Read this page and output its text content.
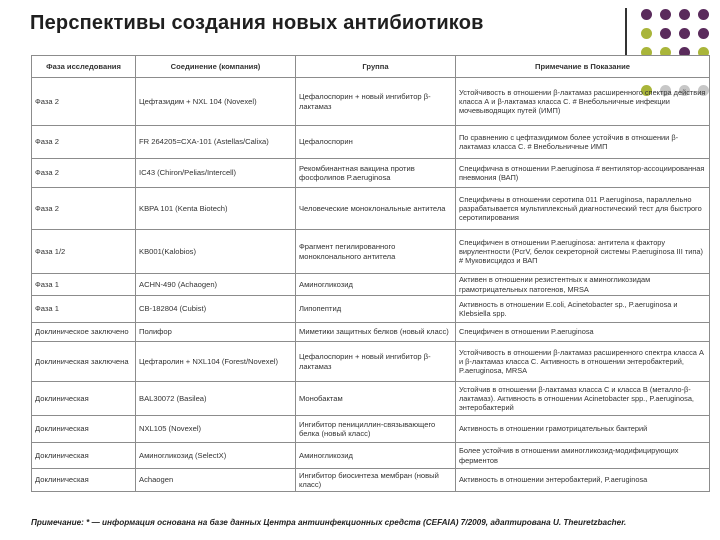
Перспективы создания новых антибиотиков
Фаза исследования	Соединение (компания)	Группа	Примечание в Показание
Фаза 2	Цефтазидим + NXL 104 (Novexel)	Цефалоспорин + новый ингибитор β-лактамаз	Устойчивость в отношении β-лактамаз расширенного спектра действия класса А и β-лактамаз класса С. # Внебольничные инфекции мочевыводящих путей (ИМП)
Фаза 2	FR 264205=CXA-101 (Astellas/Calixa)	Цефалоспорин	По сравнению с цефтазидимом более устойчив в отношении β-лактамаз класса С. # Внебольничные ИМП
Фаза 2	IC43 (Chiron/Pelias/Intercell)	Рекомбинантная вакцина против фосфолипов P.aeruginosa	Специфична в отношении P.aeruginosa # вентилятор-ассоциированная пневмония (ВАП)
Фаза 2	KBPA 101 (Kenta Biotech)	Человеческие моноклональные антитела	Специфичны в отношении серотипа 011 P.aeruginosa, параллельно разрабатывается мультиплексный диагностический тест для быстрого серотипирования
Фаза 1/2	KB001(Kalobios)	Фрагмент пегилированного моноклонального антитела	Специфичен в отношении P.aeruginosa: антитела к фактору вирулентности (PcrV, белок секреторной системы P.aeruginosa III типа) # Муковисцидоз и ВАП
Фаза 1	ACHN-490 (Achaogen)	Аминогликозид	Активен в отношении резистентных к аминогликозидам грамотрицательных патогенов, MRSA
Фаза 1	CB-182804 (Cubist)	Липопептид	Активность в отношении E.coli, Acinetobacter sp., P.aeruginosa и Klebsiella spp.
Доклиническое заключено	Полифор	Миметики защитных белков (новый класс)	Специфичен в отношении P.aeruginosa
Доклиническая заключена	Цефтаролин + NXL104 (Forest/Novexel)	Цефалоспорин + новый ингибитор β-лактамаз	Устойчивость в отношении β-лактамаз расширенного спектра класса А и β-лактамаз класса С. Активность в отношении энтеробактерий, P.aeruginosa, MRSA
Доклиническая	BAL30072 (Basilea)	Монобактам	Устойчив в отношении β-лактамаз класса С и класса В (металло-β-лактамаз). Активность в отношении Acinetobacter spp., P.aeruginosa, энтеробактерий
Доклиническая	NXL105 (Novexel)	Ингибитор пенициллин-связывающего белка (новый класс)	Активность в отношении грамотрицательных бактерий
Доклиническая	Аминогликозид (SelectX)	Аминогликозид	Более устойчив в отношении аминогликозид-модифицирующих ферментов
Доклиническая	Achaogen	Ингибитор биосинтеза мембран (новый класс)	Активность в отношении энтеробактерий, P.aeruginosa
Примечание: * — информация основана на базе данных Центра антиинфекционных средств (CEFAIA) 7/2009, адаптирована U. Theuretzbacher.
